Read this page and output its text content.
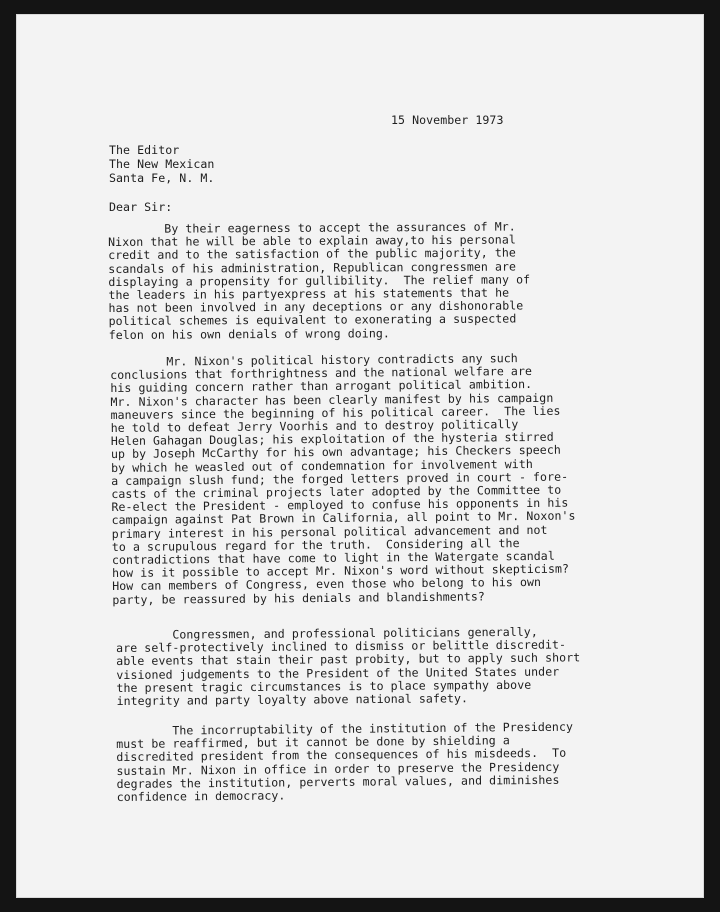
15 November 1973
The Editor
The New Mexican
Santa Fe, N. M.
Dear Sir:
By their eagerness to accept the assurances of Mr.
Nixon that he will be able to explain away,to his personal
credit and to the satisfaction of the public majority, the
scandals of his administration, Republican congressmen are
displaying a propensity for gullibility.  The relief many of
the leaders in his partyexpress at his statements that he
has not been involved in any deceptions or any dishonorable
political schemes is equivalent to exonerating a suspected
felon on his own denials of wrong doing.
Mr. Nixon's political history contradicts any such
conclusions that forthrightness and the national welfare are
his guiding concern rather than arrogant political ambition.
Mr. Nixon's character has been clearly manifest by his campaign
maneuvers since the beginning of his political career.  The lies
he told to defeat Jerry Voorhis and to destroy politically
Helen Gahagan Douglas; his exploitation of the hysteria stirred
up by Joseph McCarthy for his own advantage; his Checkers speech
by which he weasled out of condemnation for involvement with
a campaign slush fund; the forged letters proved in court - fore-
casts of the criminal projects later adopted by the Committee to
Re-elect the President - employed to confuse his opponents in his
campaign against Pat Brown in California, all point to Mr. Noxon's
primary interest in his personal political advancement and not
to a scrupulous regard for the truth.  Considering all the
contradictions that have come to light in the Watergate scandal
how is it possible to accept Mr. Nixon's word without skepticism?
How can members of Congress, even those who belong to his own
party, be reassured by his denials and blandishments?
Congressmen, and professional politicians generally,
are self-protectively inclined to dismiss or belittle discredit-
able events that stain their past probity, but to apply such short
visioned judgements to the President of the United States under
the present tragic circumstances is to place sympathy above
integrity and party loyalty above national safety.
The incorruptability of the institution of the Presidency
must be reaffirmed, but it cannot be done by shielding a
discredited president from the consequences of his misdeeds.  To
sustain Mr. Nixon in office in order to preserve the Presidency
degrades the institution, perverts moral values, and diminishes
confidence in democracy.
